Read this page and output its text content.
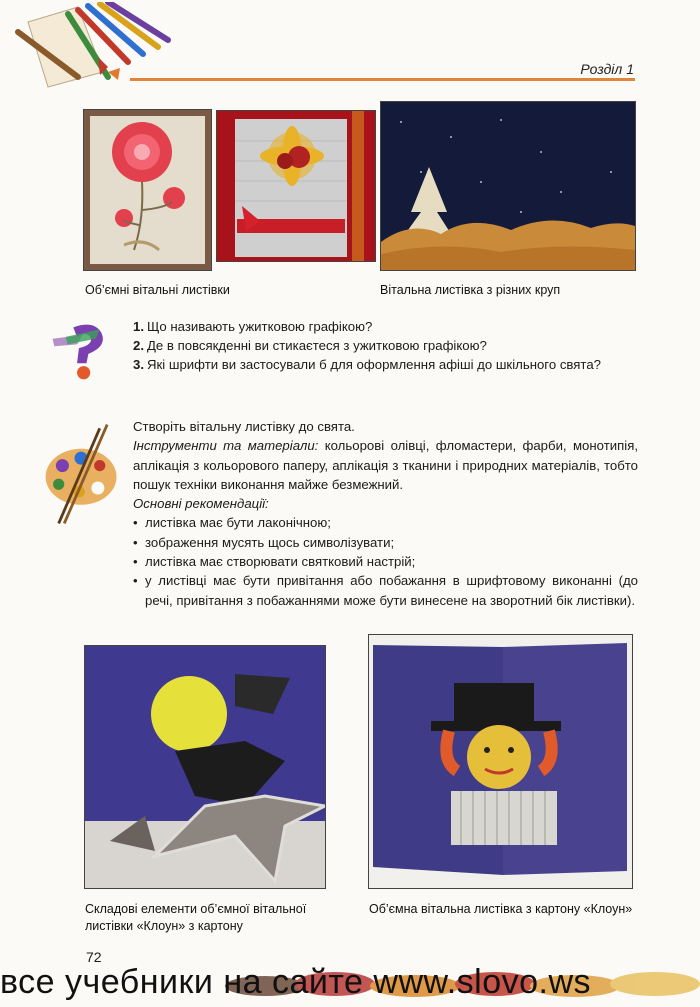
Розділ 1
Об’ємні вітальні листівки	Вітальна листівка з різних круп
1. Що називають ужитковою графікою?
2. Де в повсякденні ви стикаєтеся з ужитковою графікою?
3. Які шрифти ви застосували б для оформлення афіші до шкільного свята?
Створіть вітальну листівку до свята.
Інструменти та матеріали: кольорові олівці, фломастери, фарби, монотипія, аплікація з кольорового паперу, аплікація з тканини і природних матеріалів, тобто пошук техніки виконання майже безмежний.
Основні рекомендації:
• листівка має бути лаконічною;
• зображення мусять щось символізувати;
• листівка має створювати святковий настрій;
• у листівці має бути привітання або побажання в шрифтовому виконанні (до речі, привітання з побажаннями може бути винесене на зворотний бік листівки).
Складові елементи об’ємної вітальної листівки «Клоун» з картону
Об’ємна вітальна листівка з картону «Клоун»
72
все учебники на сайте www.slovo.ws
